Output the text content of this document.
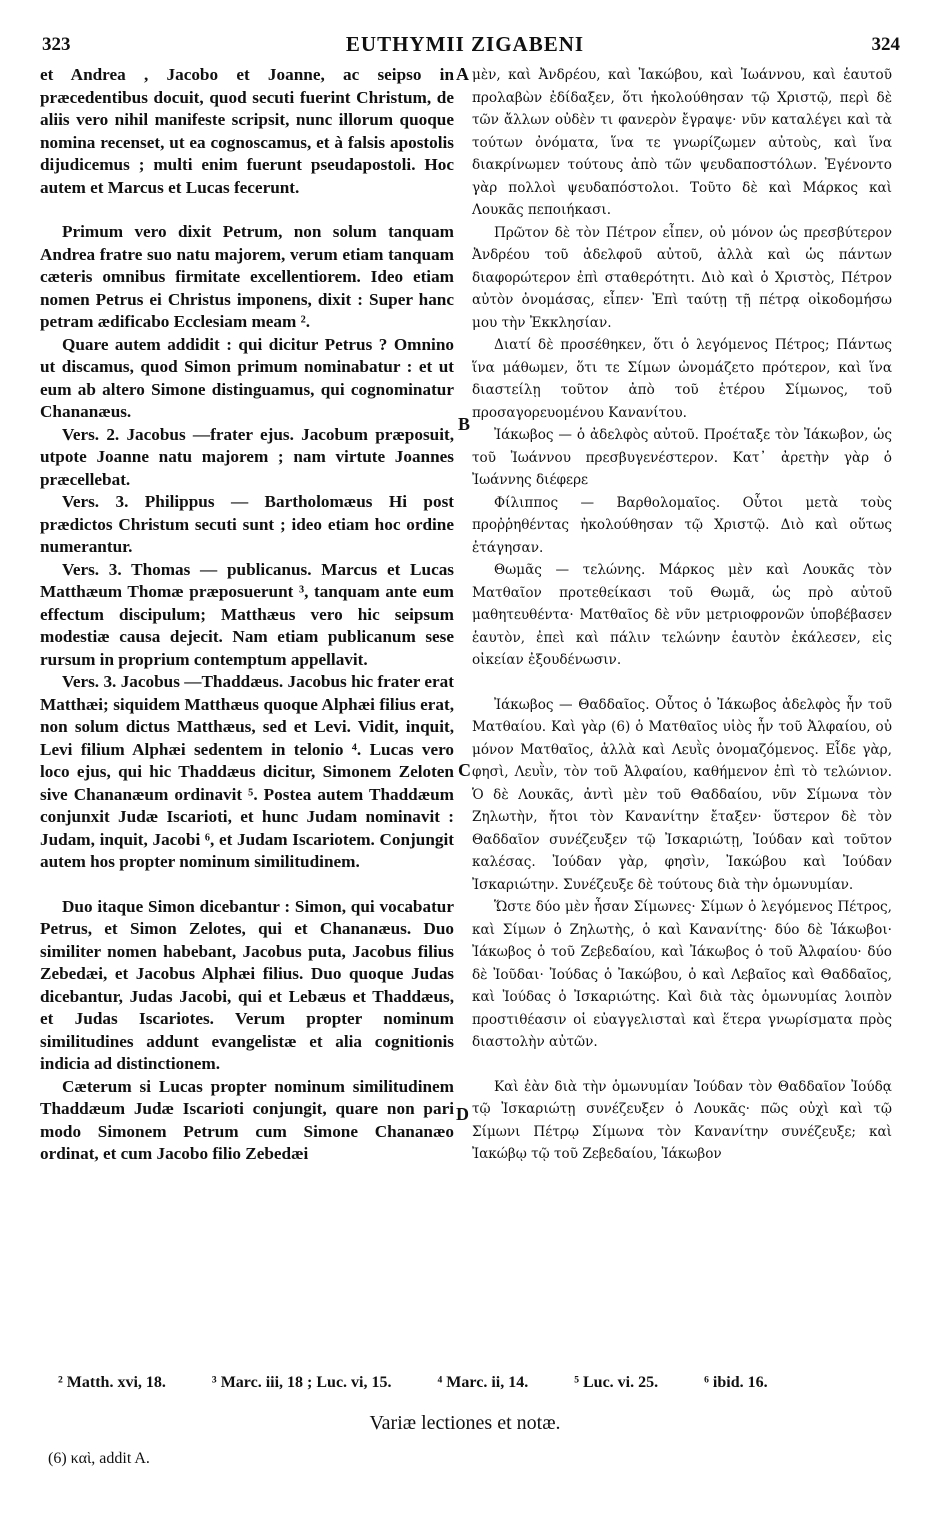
323	EUTHYMII ZIGABENI	324
A
B
C
D

et Andrea , Jacobo et Joanne, ac seipso in præcedentibus docuit, quod secuti fuerint Christum, de aliis vero nihil manifeste scripsit, nunc illorum quoque nomina recenset, ut ea cognoscamus, et à falsis apostolis dijudicemus ; multi enim fuerunt pseudapostoli. Hoc autem et Marcus et Lucas fecerunt.

Primum vero dixit Petrum, non solum tanquam Andrea fratre suo natu majorem, verum etiam tanquam cæteris omnibus firmitate excellentiorem. Ideo etiam nomen Petrus ei Christus imponens, dixit : Super hanc petram ædificabo Ecclesiam meam ².

Quare autem addidit : qui dicitur Petrus ? Omnino ut discamus, quod Simon primum nominabatur : et ut eum ab altero Simone distinguamus, qui cognominatur Chananæus.

Vers. 2. Jacobus —frater ejus. Jacobum præposuit, utpote Joanne natu majorem ; nam virtute Joannes præcellebat.

Vers. 3. Philippus — Bartholomæus Hi post prædictos Christum secuti sunt ; ideo etiam hoc ordine numerantur.

Vers. 3. Thomas — publicanus. Marcus et Lucas Matthæum Thomæ præposuerunt ³, tanquam ante eum effectum discipulum; Matthæus vero hic seipsum modestiæ causa dejecit. Nam etiam publicanum sese rursum in proprium contemptum appellavit.

Vers. 3. Jacobus —Thaddæus. Jacobus hic frater erat Matthæi; siquidem Matthæus quoque Alphæi filius erat, non solum dictus Matthæus, sed et Levi. Vidit, inquit, Levi filium Alphæi sedentem in telonio ⁴. Lucas vero loco ejus, qui hic Thaddæus dicitur, Simonem Zeloten sive Chananæum ordinavit ⁵. Postea autem Thaddæum conjunxit Judæ Iscarioti, et hunc Judam nominavit : Judam, inquit, Jacobi ⁶, et Judam Iscariotem. Conjungit autem hos propter nominum similitudinem.

Duo itaque Simon dicebantur : Simon, qui vocabatur Petrus, et Simon Zelotes, qui et Chananæus. Duo similiter nomen habebant, Jacobus puta, Jacobus filius Zebedæi, et Jacobus Alphæi filius. Duo quoque Judas dicebantur, Judas Jacobi, qui et Lebæus et Thaddæus, et Judas Iscariotes. Verum propter nominum similitudines addunt evangelistæ et alia cognitionis indicia ad distinctionem.

Cæterum si Lucas propter nominum similitudinem Thaddæum Judæ Iscarioti conjungit, quare non pari modo Simonem Petrum cum Simone Chananæo ordinat, et cum Jacobo filio Zebedæi

μὲν, καὶ Ἀνδρέου, καὶ Ἰακώβου, καὶ Ἰωάννου, καὶ ἑαυτοῦ προλαβὼν ἐδίδαξεν, ὅτι ἠκολούθησαν τῷ Χριστῷ, περὶ δὲ τῶν ἄλλων οὐδὲν τι φανερὸν ἔγραψε· νῦν καταλέγει καὶ τὰ τούτων ὀνόματα, ἵνα τε γνωρίζωμεν αὐτοὺς, καὶ ἵνα διακρίνωμεν τούτους ἀπὸ τῶν ψευδαποστόλων. Ἐγένοντο γὰρ πολλοὶ ψευδαπόστολοι. Τοῦτο δὲ καὶ Μάρκος καὶ Λουκᾶς πεποιήκασι.

Πρῶτον δὲ τὸν Πέτρον εἶπεν, οὐ μόνον ὡς πρεσβύτερον Ἀνδρέου τοῦ ἀδελφοῦ αὐτοῦ, ἀλλὰ καὶ ὡς πάντων διαφορώτερον ἐπὶ σταθερότητι. Διὸ καὶ ὁ Χριστὸς, Πέτρον αὐτὸν ὀνομάσας, εἶπεν· Ἐπὶ ταύτῃ τῇ πέτρᾳ οἰκοδομήσω μου τὴν Ἐκκλησίαν.

Διατί δὲ προσέθηκεν, ὅτι ὁ λεγόμενος Πέτρος; Πάντως ἵνα μάθωμεν, ὅτι τε Σίμων ὠνομάζετο πρότερον, καὶ ἵνα διαστείλῃ τοῦτον ἀπὸ τοῦ ἑτέρου Σίμωνος, τοῦ προσαγορευομένου Κανανίτου.

Ἰάκωβος — ὁ ἀδελφὸς αὐτοῦ. Προέταξε τὸν Ἰάκωβον, ὡς τοῦ Ἰωάννου πρεσβυγενέστερον. Κατ᾽ ἀρετὴν γὰρ ὁ Ἰωάννης διέφερε

Φίλιππος — Βαρθολομαῖος. Οὗτοι μετὰ τοὺς προῤῥηθέντας ἠκολούθησαν τῷ Χριστῷ. Διὸ καὶ οὕτως ἐτάγησαν.

Θωμᾶς — τελώνης. Μάρκος μὲν καὶ Λουκᾶς τὸν Ματθαῖον προτεθείκασι τοῦ Θωμᾶ, ὡς πρὸ αὐτοῦ μαθητευθέντα· Ματθαῖος δὲ νῦν μετριοφρονῶν ὑποβέβασεν ἑαυτὸν, ἐπεὶ καὶ πάλιν τελώνην ἑαυτὸν ἐκάλεσεν, εἰς οἰκείαν ἐξουδένωσιν.

Ἰάκωβος — Θαδδαῖος. Οὗτος ὁ Ἰάκωβος ἀδελφὸς ἦν τοῦ Ματθαίου. Καὶ γὰρ (6) ὁ Ματθαῖος υἱὸς ἦν τοῦ Ἀλφαίου, οὐ μόνον Ματθαῖος, ἀλλὰ καὶ Λευῒς ὀνομαζόμενος. Εἶδε γὰρ, φησὶ, Λευῒν, τὸν τοῦ Ἀλφαίου, καθήμενον ἐπὶ τὸ τελώνιον. Ὁ δὲ Λουκᾶς, ἀντὶ μὲν τοῦ Θαδδαίου, νῦν Σίμωνα τὸν Ζηλωτὴν, ἤτοι τὸν Κανανίτην ἔταξεν· ὕστερον δὲ τὸν Θαδδαῖον συνέζευξεν τῷ Ἰσκαριώτῃ, Ἰούδαν καὶ τοῦτον καλέσας. Ἰούδαν γὰρ, φησὶν, Ἰακώβου καὶ Ἰούδαν Ἰσκαριώτην. Συνέζευξε δὲ τούτους διὰ τὴν ὁμωνυμίαν.

Ὥστε δύο μὲν ἦσαν Σίμωνες· Σίμων ὁ λεγόμενος Πέτρος, καὶ Σίμων ὁ Ζηλωτὴς, ὁ καὶ Κανανίτης· δύο δὲ Ἰάκωβοι· Ἰάκωβος ὁ τοῦ Ζεβεδαίου, καὶ Ἰάκωβος ὁ τοῦ Ἀλφαίου· δύο δὲ Ἰοῦδαι· Ἰούδας ὁ Ἰακώβου, ὁ καὶ Λεβαῖος καὶ Θαδδαῖος, καὶ Ἰούδας ὁ Ἰσκαριώτης. Καὶ διὰ τὰς ὁμωνυμίας λοιπὸν προστιθέασιν οἱ εὐαγγελισταὶ καὶ ἕτερα γνωρίσματα πρὸς διαστολὴν αὐτῶν.

Καὶ ἐὰν διὰ τὴν ὁμωνυμίαν Ἰούδαν τὸν Θαδδαῖον Ἰούδᾳ τῷ Ἰσκαριώτῃ συνέζευξεν ὁ Λουκᾶς· πῶς οὐχὶ καὶ τῷ Σίμωνι Πέτρῳ Σίμωνα τὸν Κανανίτην συνέζευξε; καὶ Ἰακώβῳ τῷ τοῦ Ζεβεδαίου, Ἰάκωβον

² Matth. xvi, 18.	³ Marc. iii, 18 ; Luc. vi, 15.	⁴ Marc. ii, 14.	⁵ Luc. vi. 25.	⁶ ibid. 16.
Variæ lectiones et notæ.
(6) καὶ, addit A.
